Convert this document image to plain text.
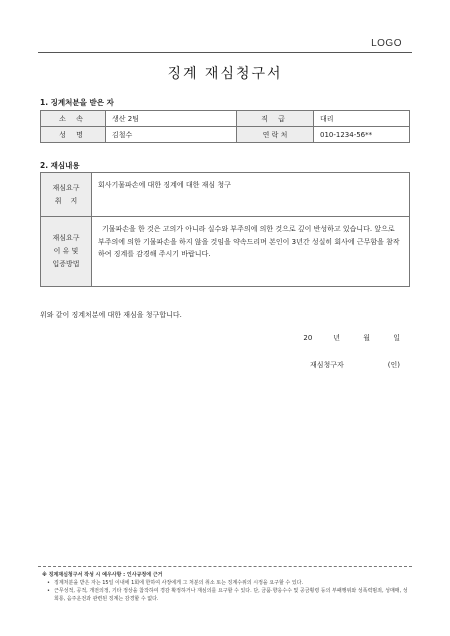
LOGO
징계 재심청구서
1. 징계처분을 받은 자
소 속	생산 2팀	직 급	대리
성 명	김철수	연 락 처	010-1234-56**
2. 재심내용
재심요구
취    지	회사기물파손에 대한 징계에 대한 재심 청구

재심요구
이 유 및
입증방법	기물파손을 한 것은 고의가 아니라 실수와 부주의에 의한 것으로 깊이 반성하고 있습니다. 앞으로 부주의에 의한 기물파손을 하지 않을 것임을 약속드리며 본인이 3년간 성실히 회사에 근무함을 참작하여 징계를 감경해 주시기 바랍니다.
위와 같이 징계처분에 대한 재심을 청구합니다.
20    년	월	일
재심청구자	(인)
※ 징계재심청구서 작성 시 예우사항 : 인사규정에 근거
• 징계처분을 받은 자는 15일 이내에 1회에 한하여 사장에게 그 처분의 취소 또는 징계수위의 시정을 요구할 수 있다.
• 근무성적, 공적, 개전의정, 기타 정상을 참작하여 경감 확정하거나 재심의를 요구할 수 있다. 단, 금품·향응수수 및 공금횡령 등의 부패행위와 성폭력범죄, 성매매, 성희롱, 음주운전과 관련된 징계는 감경할 수 없다.
